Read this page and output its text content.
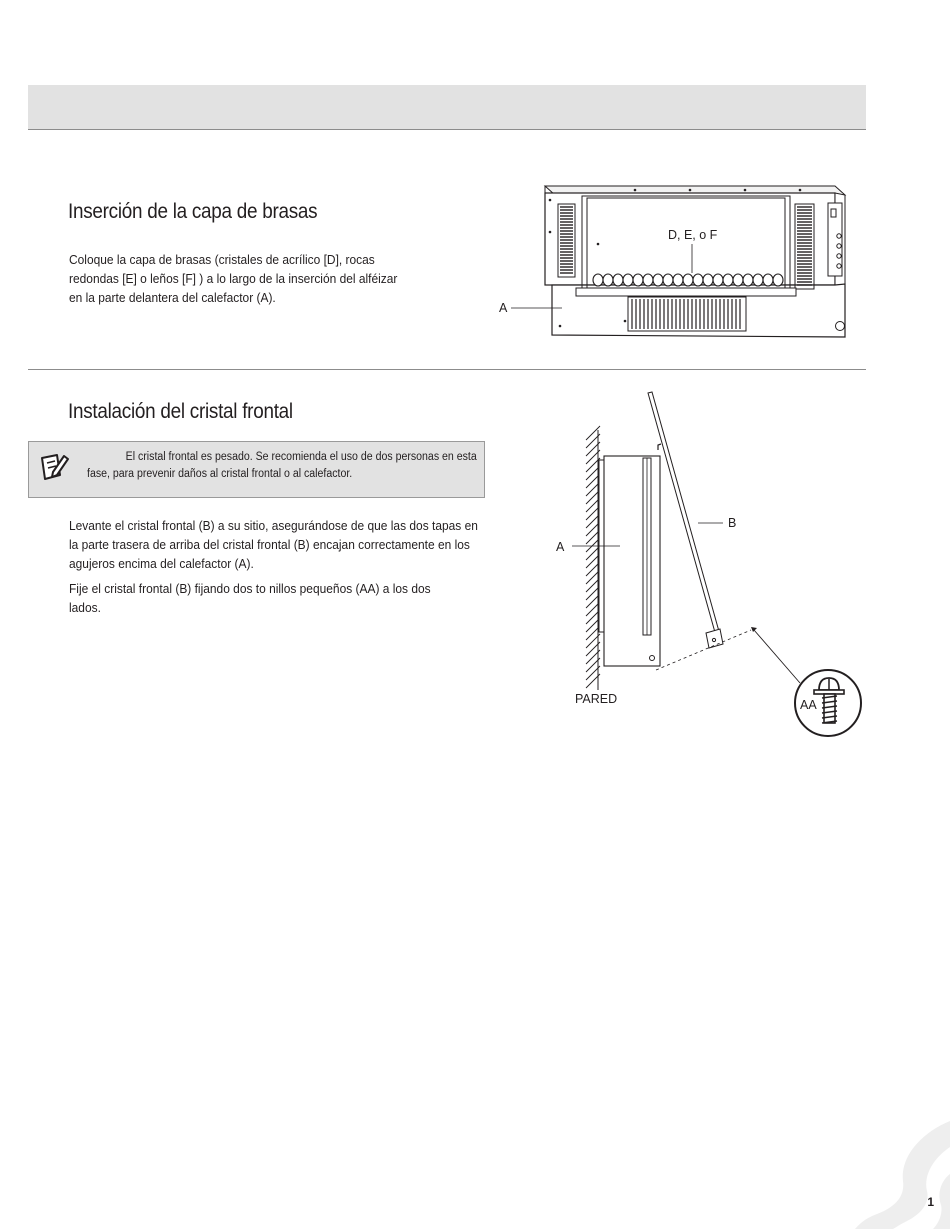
Inserción de la capa de brasas

Coloque la capa de brasas (cristales de acrílico [D], rocas redondas [E] o leños [F] ) a lo largo de la inserción del alféizar en la parte delantera del calefactor (A).

D, E, o F
A
Instalación del cristal frontal

El cristal frontal es pesado. Se recomienda el uso de dos personas en esta fase, para prevenir daños al cristal frontal o al calefactor.

Levante el cristal frontal (B) a su sitio, asegurándose de que las dos tapas en la parte trasera de arriba del cristal frontal (B) encajan correctamente en los agujeros encima del calefactor (A).

Fije el cristal frontal (B) fijando dos to nillos pequeños (AA) a los dos lados.

B
A
PARED	AA
1
